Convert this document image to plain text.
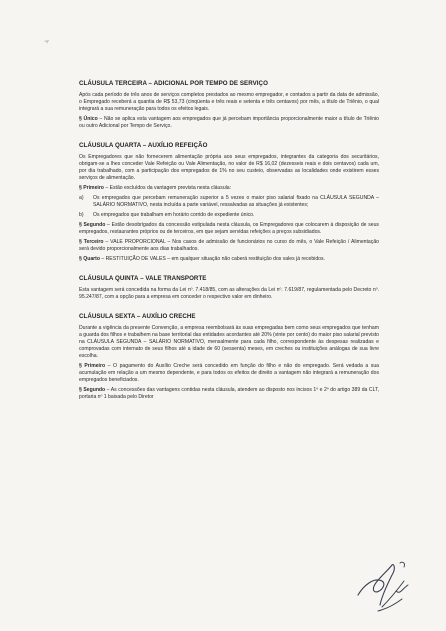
CLÁUSULA TERCEIRA – ADICIONAL POR TEMPO DE SERVIÇO

Após cada período de três anos de serviços completos prestados ao mesmo empregador, e contados a partir da data de admissão, o Empregado receberá a quantia de R$ 53,73 (cinqüenta e três reais e setenta e três centavos) por mês, a título de Triênio, o qual integrará a sua remuneração para todos os efeitos legais.

§ Único – Não se aplica esta vantagem aos empregados que já percebam importância proporcionalmente maior a título de Triênio ou outro Adicional por Tempo de Serviço.

CLÁUSULA QUARTA – AUXÍLIO REFEIÇÃO

Os Empregadores que não fornecerem alimentação própria aos seus empregados, integrantes da categoria dos securitários, obrigam-se a lhes conceder Vale Refeição ou Vale Alimentação, no valor de R$ 16,02 (dezesseis reais e dois centavos) cada um, por dia trabalhado, com a participação dos empregados de 1% no seu custeio, observadas as localidades onde existirem esses serviços de alimentação.

§ Primeiro – Estão excluídos da vantagem prevista nesta cláusula:

a)	Os empregados que percebam remuneração superior a 5 vezes o maior piso salarial fixado na CLÁUSULA SEGUNDA – SALÁRIO NORMATIVO, nesta incluída a parte variável, ressalvadas as situações já existentes;
b)	Os empregados que trabalham em horário corrido de expediente único.

§ Segundo – Estão desobrigados da concessão estipulada nesta cláusula, os Empregadores que colocarem à disposição de seus empregados, restaurantes próprios ou de terceiros, em que sejam servidas refeições a preços subsidiados.

§ Terceiro – VALE PROPORCIONAL – Nos casos de admissão de funcionários no curso do mês, o Vale Refeição / Alimentação será devido proporcionalmente aos dias trabalhados.

§ Quarto – RESTITUIÇÃO DE VALES – em qualquer situação não caberá restituição dos vales já recebidos.

CLÁUSULA QUINTA – VALE TRANSPORTE

Esta vantagem será concedida na forma da Lei nº. 7.418/85, com as alterações da Lei nº. 7.619/87, regulamentada pelo Decreto nº. 95.247/87, com a opção para a empresa em conceder o respectivo valor em dinheiro.

CLÁUSULA SEXTA – AUXÍLIO CRECHE

Durante a vigência da presente Convenção, a empresa reembolsará às suas empregadas bem como seus empregados que tenham a guarda dos filhos e trabalhem na base territorial das entidades acordantes até 20% (vinte por cento) do maior piso salarial previsto na CLÁUSULA SEGUNDA – SALÁRIO NORMATIVO, mensalmente para cada filho, correspondente às despesas realizadas e comprovadas com internato de seus filhos até a idade de 60 (sessenta) meses, em creches ou instituições análogas de sua livre escolha.

§ Primeiro – O pagamento do Auxílio Creche será concedido em função do filho e não do empregado. Será vedada a sua acumulação em relação a um mesmo dependente, e para todos os efeitos de direito a vantagem não integrará a remuneração dos empregados beneficiados.

§ Segundo – As concessões das vantagens contidas nesta cláusula, atendem ao disposto nos incisos 1º e 2º do artigo 389 da CLT, portaria nº 1 baixada pelo Diretor
